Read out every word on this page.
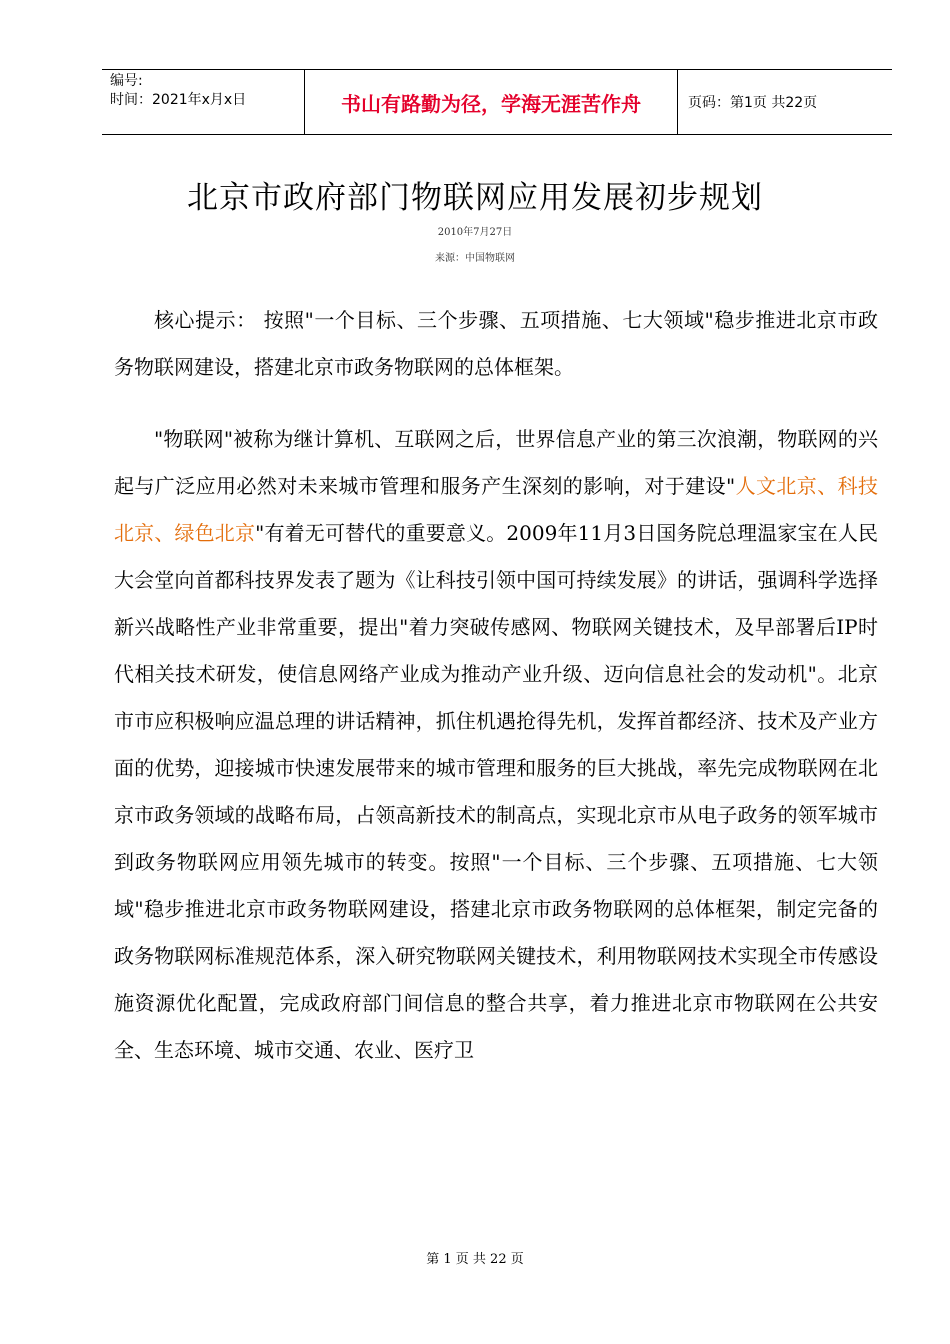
编号:
时间：2021年x月x日	书山有路勤为径，学海无涯苦作舟	页码：第1页 共22页
北京市政府部门物联网应用发展初步规划
2010年7月27日
来源：中国物联网

核心提示： 按照"一个目标、三个步骤、五项措施、七大领域"稳步推进北京市政务物联网建设，搭建北京市政务物联网的总体框架。

"物联网"被称为继计算机、互联网之后，世界信息产业的第三次浪潮，物联网的兴起与广泛应用必然对未来城市管理和服务产生深刻的影响，对于建设"人文北京、科技北京、绿色北京"有着无可替代的重要意义。2009年11月3日国务院总理温家宝在人民大会堂向首都科技界发表了题为《让科技引领中国可持续发展》的讲话，强调科学选择新兴战略性产业非常重要，提出"着力突破传感网、物联网关键技术，及早部署后IP时代相关技术研发，使信息网络产业成为推动产业升级、迈向信息社会的发动机"。北京市市应积极响应温总理的讲话精神，抓住机遇抢得先机，发挥首都经济、技术及产业方面的优势，迎接城市快速发展带来的城市管理和服务的巨大挑战，率先完成物联网在北京市政务领域的战略布局，占领高新技术的制高点，实现北京市从电子政务的领军城市到政务物联网应用领先城市的转变。按照"一个目标、三个步骤、五项措施、七大领域"稳步推进北京市政务物联网建设，搭建北京市政务物联网的总体框架，制定完备的政务物联网标准规范体系，深入研究物联网关键技术，利用物联网技术实现全市传感设施资源优化配置，完成政府部门间信息的整合共享，着力推进北京市物联网在公共安全、生态环境、城市交通、农业、医疗卫

第 1 页 共 22 页
